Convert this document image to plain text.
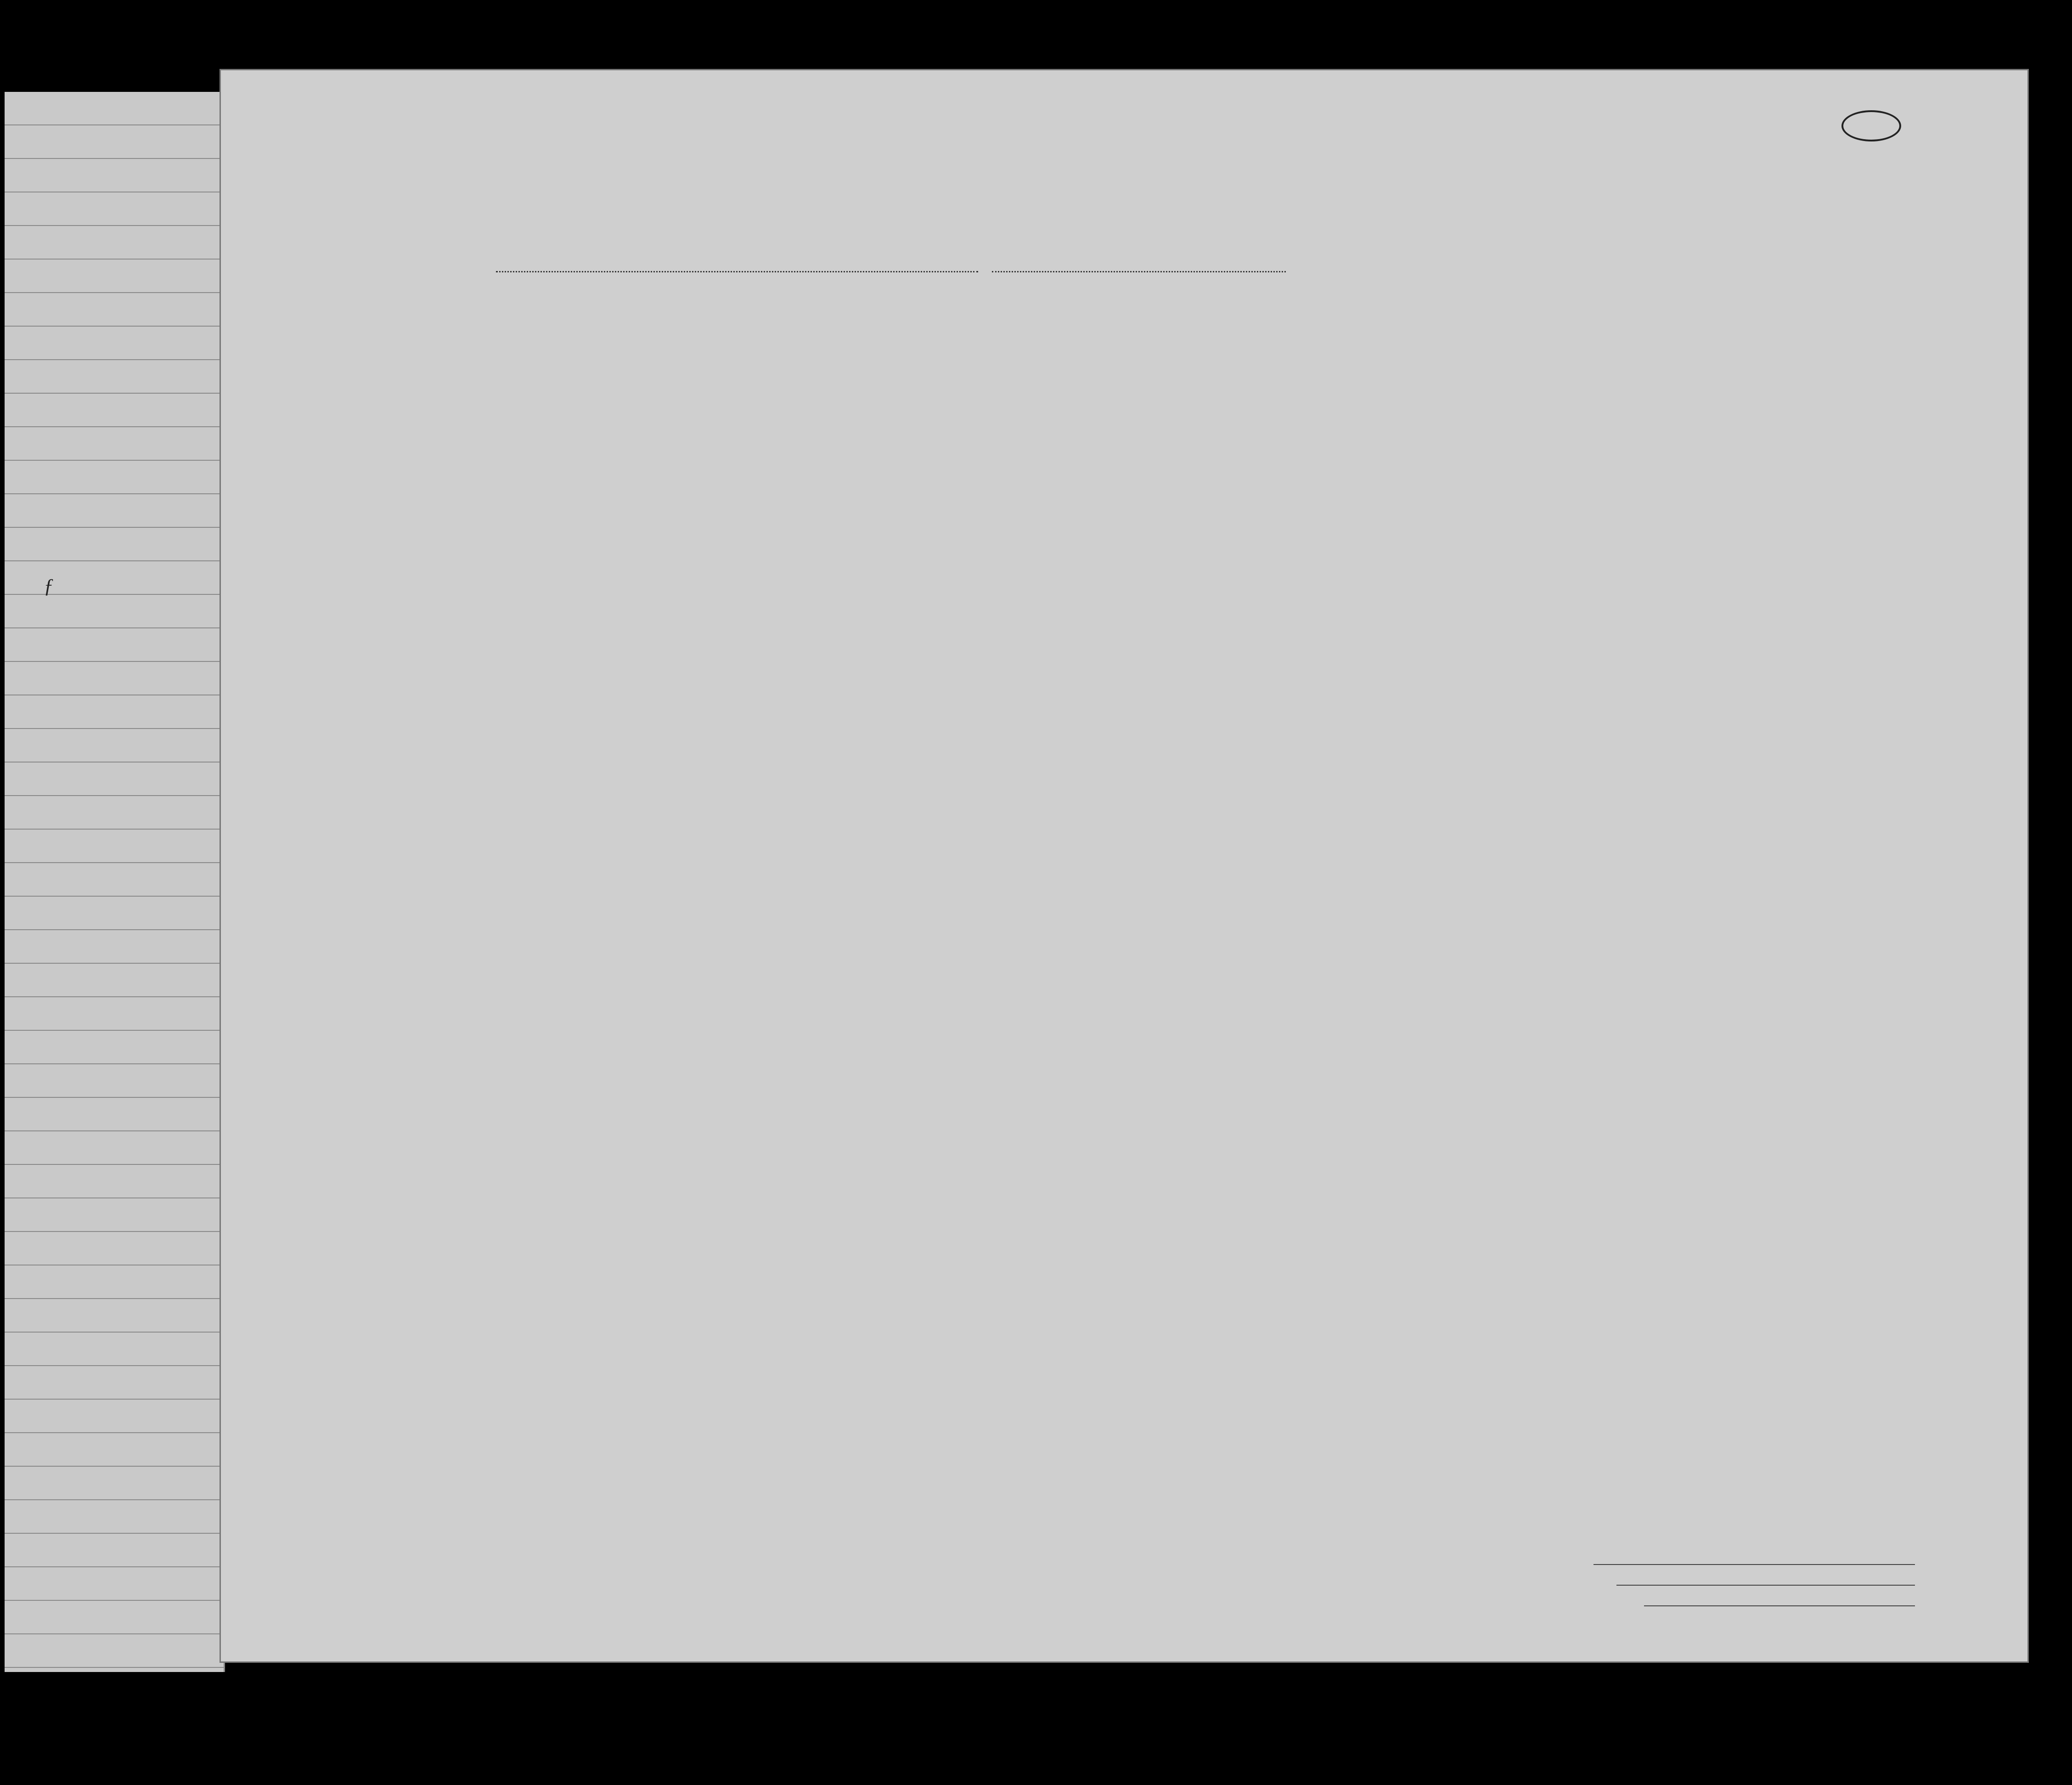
ƒ
